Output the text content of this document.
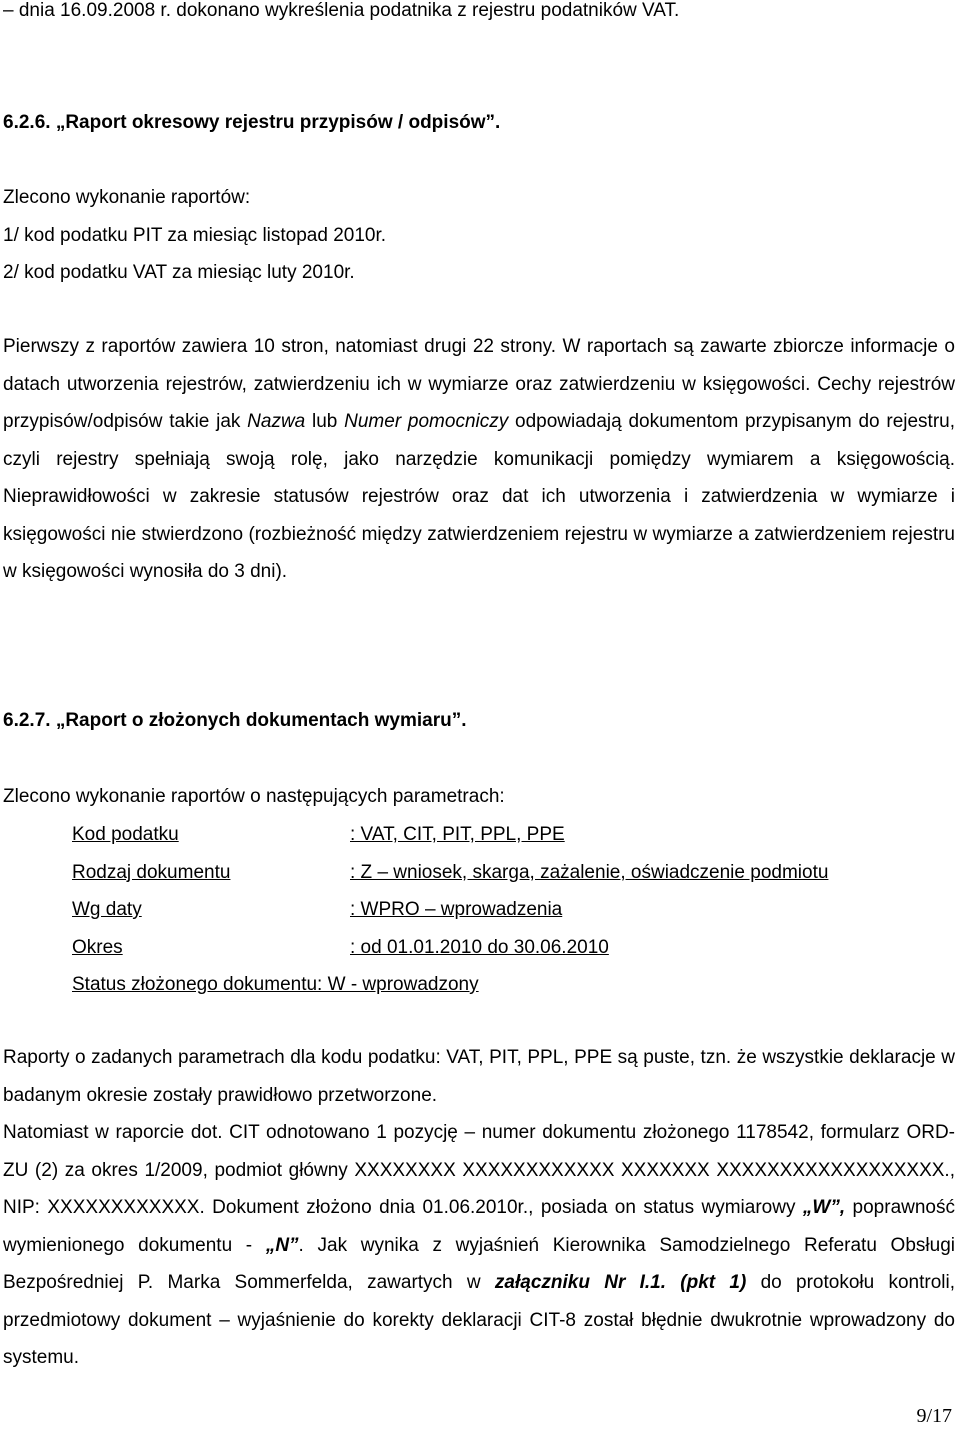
– dnia 16.09.2008 r. dokonano wykreślenia podatnika z rejestru podatników VAT.

6.2.6. „Raport okresowy rejestru przypisów / odpisów”.
Zlecono wykonanie raportów:
1/ kod podatku PIT za miesiąc listopad 2010r.
2/ kod podatku VAT za miesiąc luty 2010r.

Pierwszy z raportów zawiera 10 stron, natomiast drugi 22 strony. W raportach są zawarte zbiorcze informacje o datach utworzenia rejestrów, zatwierdzeniu ich w wymiarze oraz zatwierdzeniu w księgowości. Cechy rejestrów przypisów/odpisów takie jak Nazwa lub Numer pomocniczy odpowiadają dokumentom przypisanym do rejestru, czyli rejestry spełniają swoją rolę, jako narzędzie komunikacji pomiędzy wymiarem a księgowością. Nieprawidłowości w zakresie statusów rejestrów oraz dat ich utworzenia i zatwierdzenia w wymiarze i księgowości nie stwierdzono (rozbieżność między zatwierdzeniem rejestru w wymiarze a zatwierdzeniem rejestru w księgowości wynosiła do 3 dni).

6.2.7. „Raport o złożonych dokumentach wymiaru”.

Zlecono wykonanie raportów o następujących parametrach:

Kod podatku	: VAT, CIT, PIT, PPL, PPE
Rodzaj dokumentu	: Z – wniosek, skarga, zażalenie, oświadczenie podmiotu
Wg daty	: WPRO – wprowadzenia
Okres	: od 01.01.2010 do 30.06.2010
Status złożonego dokumentu: W - wprowadzony

Raporty o zadanych parametrach dla kodu podatku: VAT, PIT, PPL, PPE są puste, tzn. że wszystkie deklaracje w badanym okresie zostały prawidłowo przetworzone.

Natomiast w raporcie dot. CIT odnotowano 1 pozycję – numer dokumentu złożonego 1178542, formularz ORD-ZU (2) za okres 1/2009, podmiot główny XXXXXXXX XXXXXXXXXXXX XXXXXXX XXXXXXXXXXXXXXXXXX., NIP: XXXXXXXXXXXX. Dokument złożono dnia 01.06.2010r., posiada on status wymiarowy „W”, poprawność wymienionego dokumentu - „N”. Jak wynika z wyjaśnień Kierownika Samodzielnego Referatu Obsługi Bezpośredniej P. Marka Sommerfelda, zawartych w załączniku Nr I.1. (pkt 1) do protokołu kontroli, przedmiotowy dokument – wyjaśnienie do korekty deklaracji CIT-8 został błędnie dwukrotnie wprowadzony do systemu.

9/17
